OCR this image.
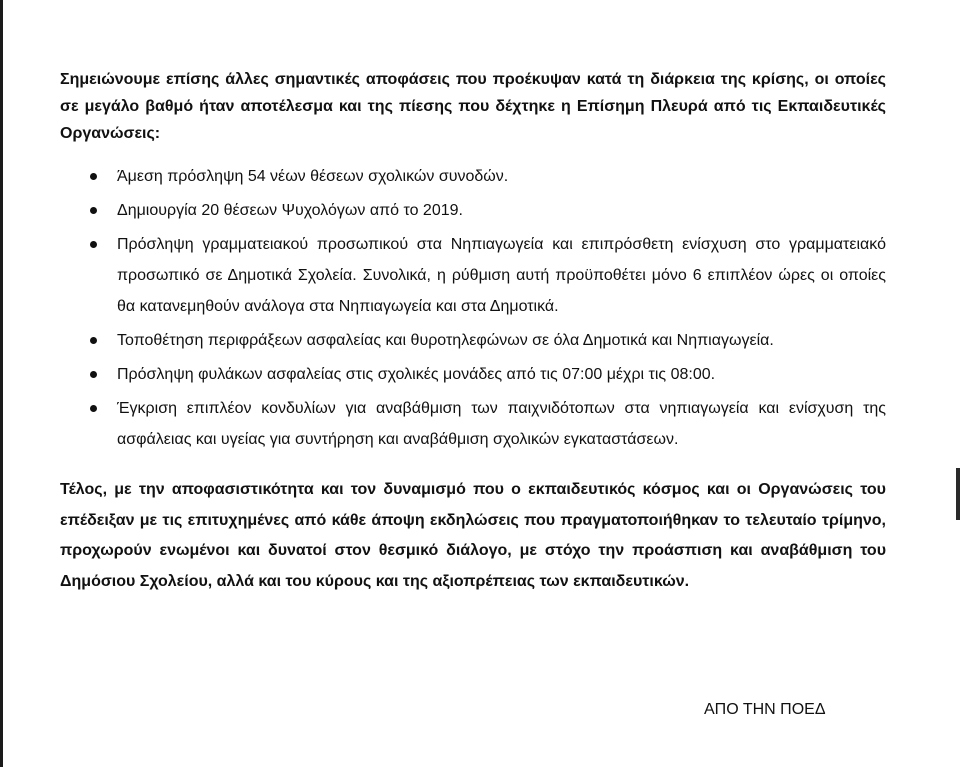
Σημειώνουμε επίσης άλλες σημαντικές αποφάσεις που προέκυψαν κατά τη διάρκεια της κρίσης, οι οποίες σε μεγάλο βαθμό ήταν αποτέλεσμα και της πίεσης που δέχτηκε η Επίσημη Πλευρά από τις Εκπαιδευτικές Οργανώσεις:

Άμεση πρόσληψη 54 νέων θέσεων σχολικών συνοδών.
Δημιουργία 20 θέσεων Ψυχολόγων από το 2019.
Πρόσληψη γραμματειακού προσωπικού στα Νηπιαγωγεία και επιπρόσθετη ενίσχυση στο γραμματειακό προσωπικό σε Δημοτικά Σχολεία. Συνολικά, η ρύθμιση αυτή προϋποθέτει μόνο 6 επιπλέον ώρες οι οποίες θα κατανεμηθούν ανάλογα στα Νηπιαγωγεία και στα Δημοτικά.
Τοποθέτηση περιφράξεων ασφαλείας και θυροτηλεφώνων σε όλα Δημοτικά και Νηπιαγωγεία.
Πρόσληψη φυλάκων ασφαλείας στις σχολικές μονάδες από τις 07:00 μέχρι τις 08:00.
Έγκριση επιπλέον κονδυλίων για αναβάθμιση των παιχνιδότοπων στα νηπιαγωγεία και ενίσχυση της ασφάλειας και υγείας για συντήρηση και αναβάθμιση σχολικών εγκαταστάσεων.

Τέλος, με την αποφασιστικότητα και τον δυναμισμό που ο εκπαιδευτικός κόσμος και οι Οργανώσεις του επέδειξαν με τις επιτυχημένες από κάθε άποψη εκδηλώσεις που πραγματοποιήθηκαν το τελευταίο τρίμηνο, προχωρούν ενωμένοι και δυνατοί στον θεσμικό διάλογο, με στόχο την προάσπιση και αναβάθμιση του Δημόσιου Σχολείου, αλλά και του κύρους και της αξιοπρέπειας των εκπαιδευτικών.

ΑΠΟ ΤΗΝ ΠΟΕΔ
